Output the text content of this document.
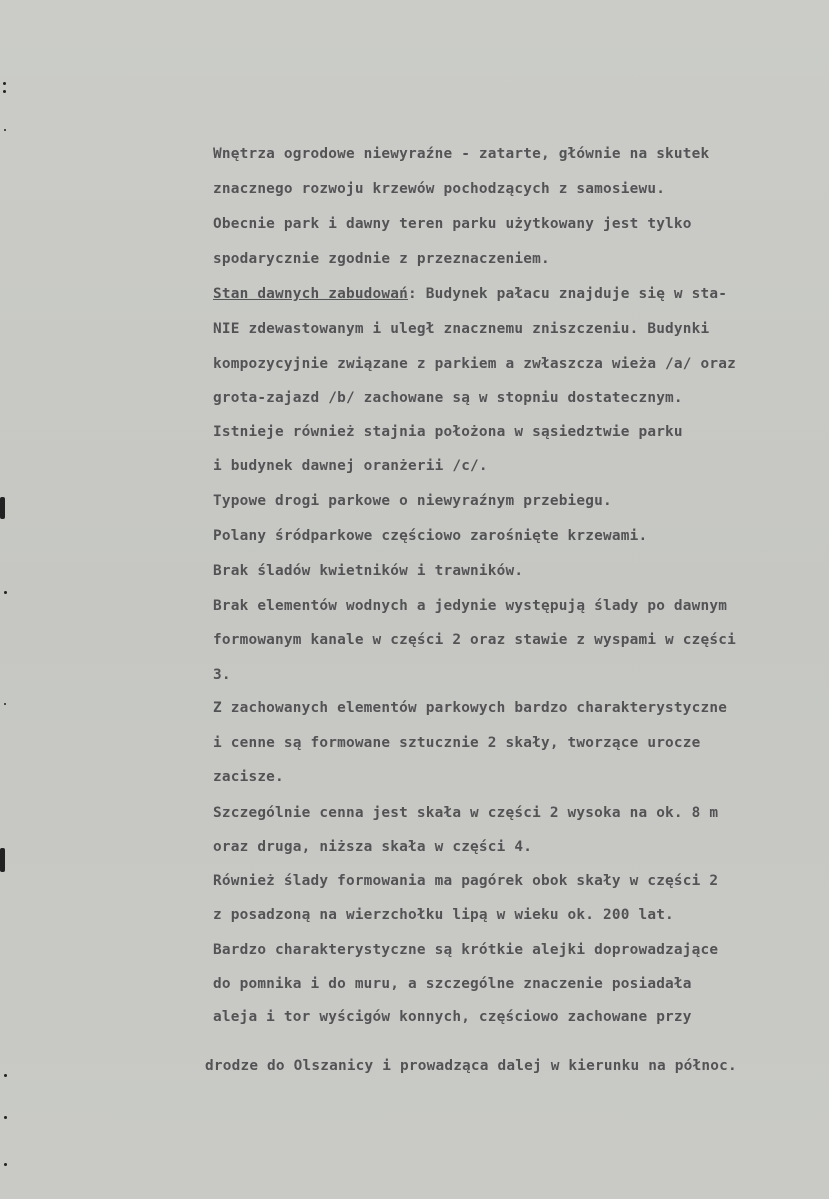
Wnętrza ogrodowe niewyraźne - zatarte, głównie na skutek
znacznego rozwoju krzewów pochodzących z samosiewu.
Obecnie park i dawny teren parku użytkowany jest tylko
spodarycznie zgodnie z przeznaczeniem.
Stan dawnych zabudowań: Budynek pałacu znajduje się w sta-
NIE zdewastowanym i uległ znacznemu zniszczeniu. Budynki
kompozycyjnie związane z parkiem a zwłaszcza wieża /a/ oraz
grota-zajazd /b/ zachowane są w stopniu dostatecznym.
Istnieje również stajnia położona w sąsiedztwie parku
i budynek dawnej oranżerii /c/.
Typowe drogi parkowe o niewyraźnym przebiegu.
Polany śródparkowe częściowo zarośnięte krzewami.
Brak śladów kwietników i trawników.
Brak elementów wodnych a jedynie występują ślady po dawnym
formowanym kanale w części 2 oraz stawie z wyspami w części
3.
Z zachowanych elementów parkowych bardzo charakterystyczne
i cenne są formowane sztucznie 2 skały, tworzące urocze
zacisze.
Szczególnie cenna jest skała w części 2 wysoka na ok. 8 m
oraz druga, niższa skała w części 4.
Również ślady formowania ma pagórek obok skały w części 2
z posadzoną na wierzchołku lipą w wieku ok. 200 lat.
Bardzo charakterystyczne są krótkie alejki doprowadzające
do pomnika i do muru, a szczególne znaczenie posiadała
aleja i tor wyścigów konnych, częściowo zachowane przy
drodze do Olszanicy i prowadząca dalej w kierunku na północ.
